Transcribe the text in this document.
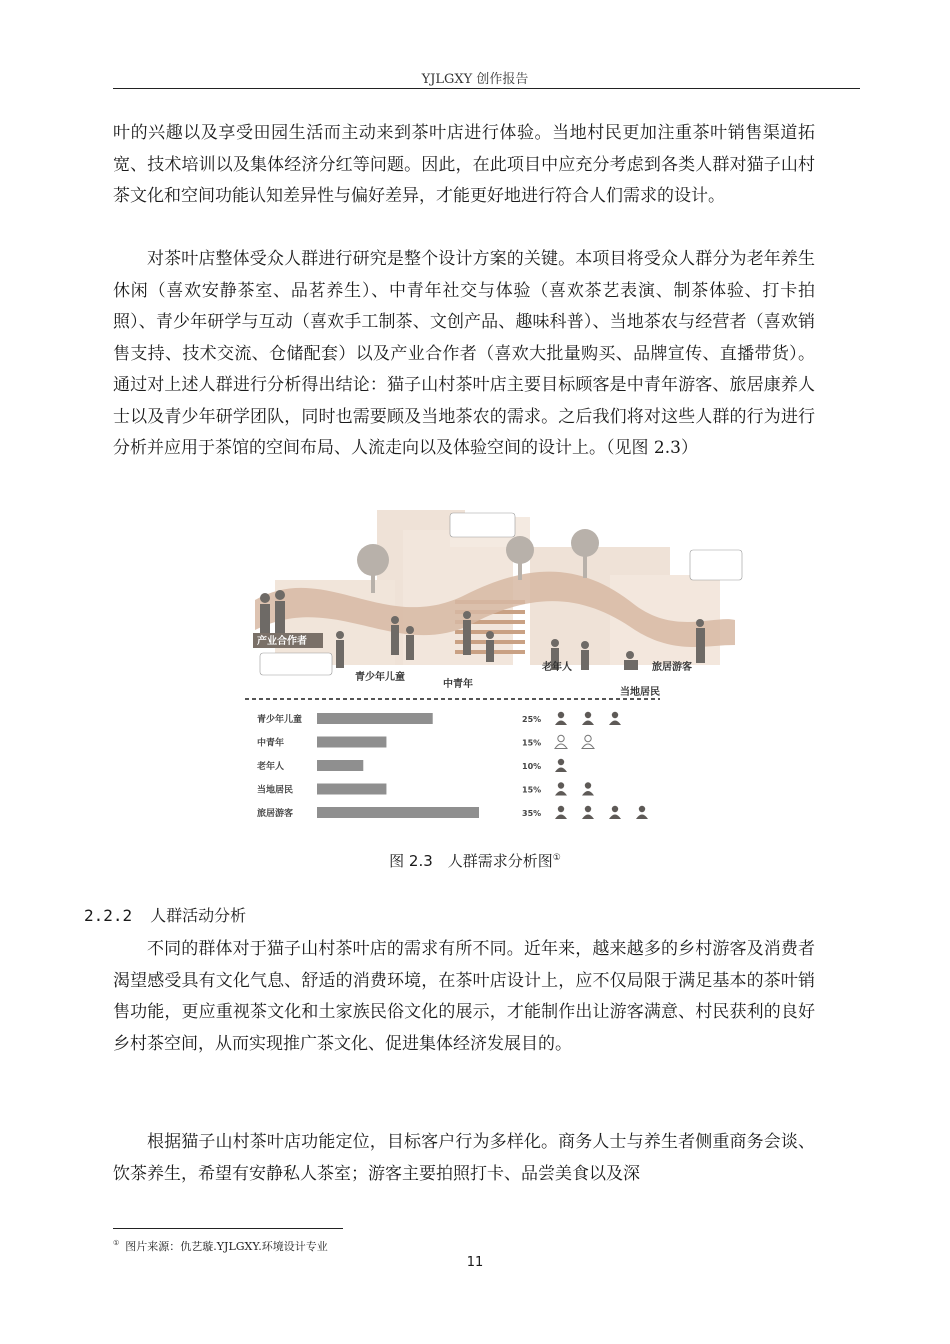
YJLGXY 创作报告

叶的兴趣以及享受田园生活而主动来到茶叶店进行体验。当地村民更加注重茶叶销售渠道拓宽、技术培训以及集体经济分红等问题。因此，在此项目中应充分考虑到各类人群对猫子山村茶文化和空间功能认知差异性与偏好差异，才能更好地进行符合人们需求的设计。

对茶叶店整体受众人群进行研究是整个设计方案的关键。本项目将受众人群分为老年养生休闲（喜欢安静茶室、品茗养生）、中青年社交与体验（喜欢茶艺表演、制茶体验、打卡拍照）、青少年研学与互动（喜欢手工制茶、文创产品、趣味科普）、当地茶农与经营者（喜欢销售支持、技术交流、仓储配套）以及产业合作者（喜欢大批量购买、品牌宣传、直播带货）。通过对上述人群进行分析得出结论：猫子山村茶叶店主要目标顾客是中青年游客、旅居康养人士以及青少年研学团队，同时也需要顾及当地茶农的需求。之后我们将对这些人群的行为进行分析并应用于茶馆的空间布局、人流走向以及体验空间的设计上。（见图 2.3）

产业合作者
青少年儿童
中青年
老年人	旅居游客
当地居民
青少年儿童	25%
中青年	15%
老年人	10%
当地居民	15%
旅居游客	35%
图 2.3　人群需求分析图①
2.2.2 人群活动分析

不同的群体对于猫子山村茶叶店的需求有所不同。近年来，越来越多的乡村游客及消费者渴望感受具有文化气息、舒适的消费环境，在茶叶店设计上，应不仅局限于满足基本的茶叶销售功能，更应重视茶文化和土家族民俗文化的展示，才能制作出让游客满意、村民获利的良好乡村茶空间，从而实现推广茶文化、促进集体经济发展目的。

根据猫子山村茶叶店功能定位，目标客户行为多样化。商务人士与养生者侧重商务会谈、饮茶养生，希望有安静私人茶室；游客主要拍照打卡、品尝美食以及深

① 图片来源：仇艺璇.YJLGXY.环境设计专业
11
